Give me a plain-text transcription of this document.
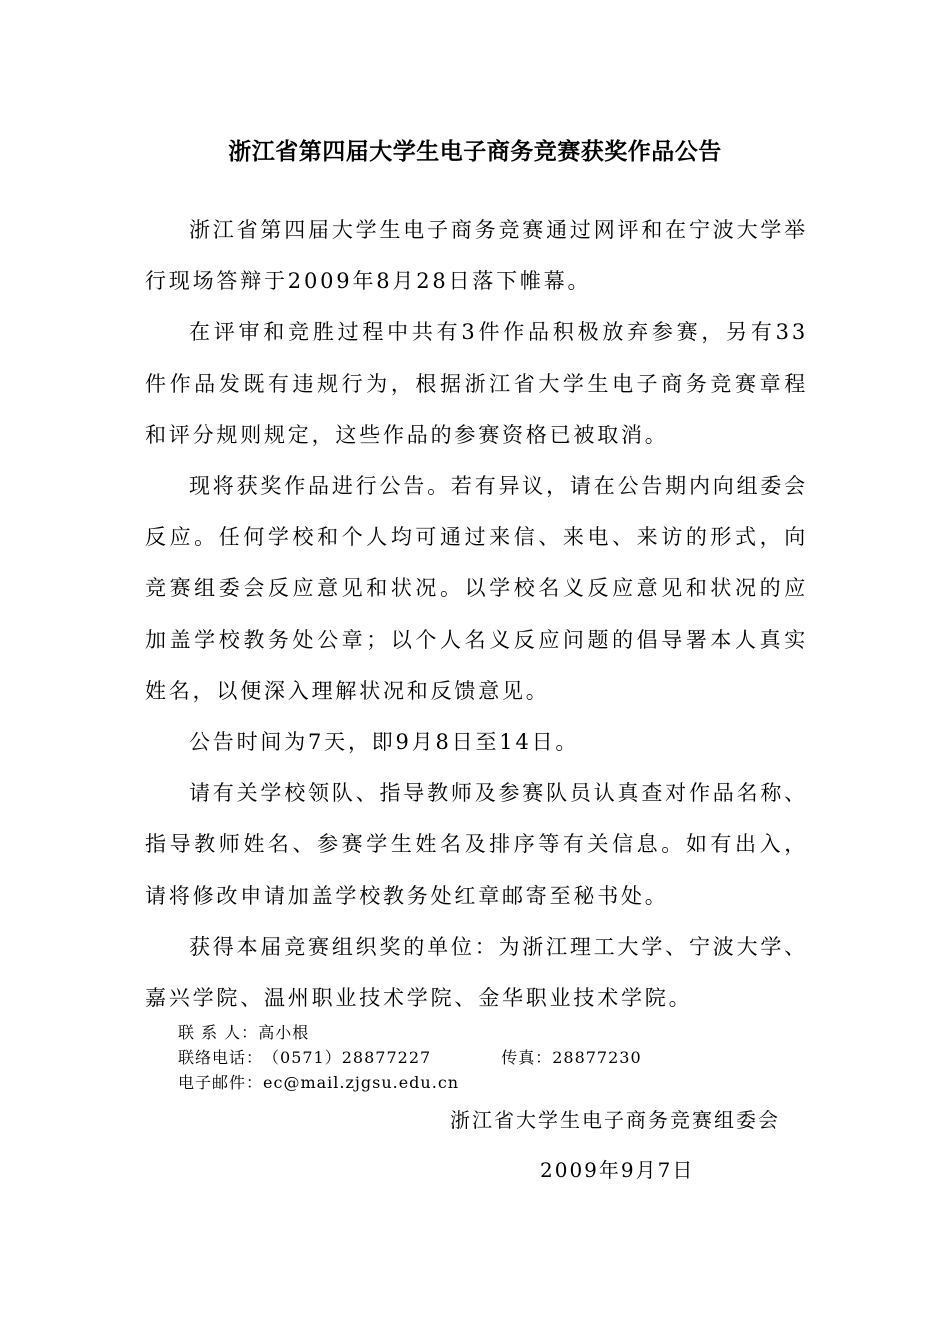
浙江省第四届大学生电子商务竞赛获奖作品公告

浙江省第四届大学生电子商务竞赛通过网评和在宁波大学举行现场答辩于2009年8月28日落下帷幕。

在评审和竞胜过程中共有3件作品积极放弃参赛，另有33件作品发既有违规行为，根据浙江省大学生电子商务竞赛章程和评分规则规定，这些作品的参赛资格已被取消。

现将获奖作品进行公告。若有异议，请在公告期内向组委会反应。任何学校和个人均可通过来信、来电、来访的形式，向竞赛组委会反应意见和状况。以学校名义反应意见和状况的应加盖学校教务处公章；以个人名义反应问题的倡导署本人真实姓名，以便深入理解状况和反馈意见。

公告时间为7天，即9月8日至14日。

请有关学校领队、指导教师及参赛队员认真查对作品名称、指导教师姓名、参赛学生姓名及排序等有关信息。如有出入，请将修改申请加盖学校教务处红章邮寄至秘书处。

获得本届竞赛组织奖的单位：为浙江理工大学、宁波大学、嘉兴学院、温州职业技术学院、金华职业技术学院。

联 系 人：高小根
联络电话：（0571）28877227	传真：28877230
电子邮件：ec@mail.zjgsu.edu.cn
浙江省大学生电子商务竞赛组委会
2009年9月7日
